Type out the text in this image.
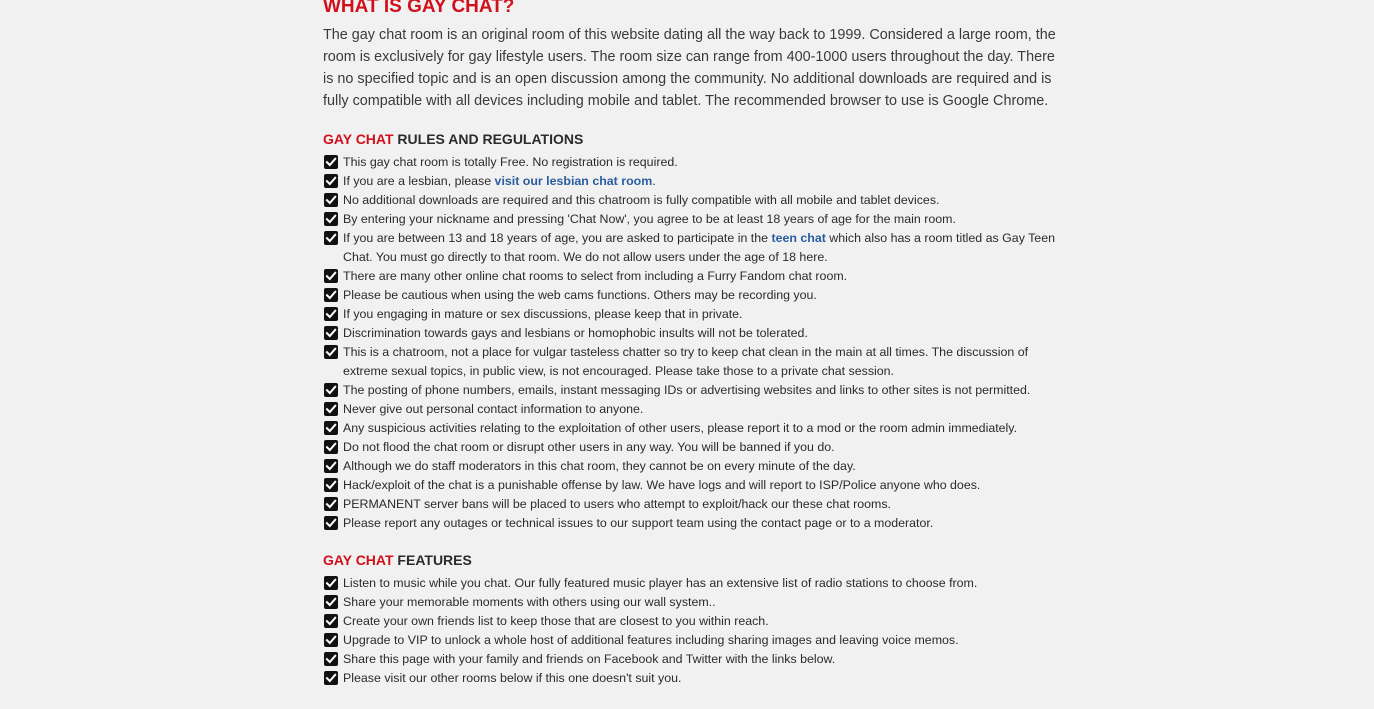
WHAT IS GAY CHAT?

The gay chat room is an original room of this website dating all the way back to 1999. Considered a large room, the room is exclusively for gay lifestyle users. The room size can range from 400-1000 users throughout the day. There is no specified topic and is an open discussion among the community. No additional downloads are required and is fully compatible with all devices including mobile and tablet. The recommended browser to use is Google Chrome.

GAY CHAT RULES AND REGULATIONS
This gay chat room is totally Free. No registration is required.
If you are a lesbian, please visit our lesbian chat room.
No additional downloads are required and this chatroom is fully compatible with all mobile and tablet devices.
By entering your nickname and pressing 'Chat Now', you agree to be at least 18 years of age for the main room.
If you are between 13 and 18 years of age, you are asked to participate in the teen chat which also has a room titled as Gay Teen Chat. You must go directly to that room. We do not allow users under the age of 18 here.
There are many other online chat rooms to select from including a Furry Fandom chat room.
Please be cautious when using the web cams functions. Others may be recording you.
If you engaging in mature or sex discussions, please keep that in private.
Discrimination towards gays and lesbians or homophobic insults will not be tolerated.
This is a chatroom, not a place for vulgar tasteless chatter so try to keep chat clean in the main at all times. The discussion of extreme sexual topics, in public view, is not encouraged. Please take those to a private chat session.
The posting of phone numbers, emails, instant messaging IDs or advertising websites and links to other sites is not permitted.
Never give out personal contact information to anyone.
Any suspicious activities relating to the exploitation of other users, please report it to a mod or the room admin immediately.
Do not flood the chat room or disrupt other users in any way. You will be banned if you do.
Although we do staff moderators in this chat room, they cannot be on every minute of the day.
Hack/exploit of the chat is a punishable offense by law. We have logs and will report to ISP/Police anyone who does.
PERMANENT server bans will be placed to users who attempt to exploit/hack our these chat rooms.
Please report any outages or technical issues to our support team using the contact page or to a moderator.
GAY CHAT FEATURES
Listen to music while you chat. Our fully featured music player has an extensive list of radio stations to choose from.
Share your memorable moments with others using our wall system..
Create your own friends list to keep those that are closest to you within reach.
Upgrade to VIP to unlock a whole host of additional features including sharing images and leaving voice memos.
Share this page with your family and friends on Facebook and Twitter with the links below.
Please visit our other rooms below if this one doesn't suit you.
